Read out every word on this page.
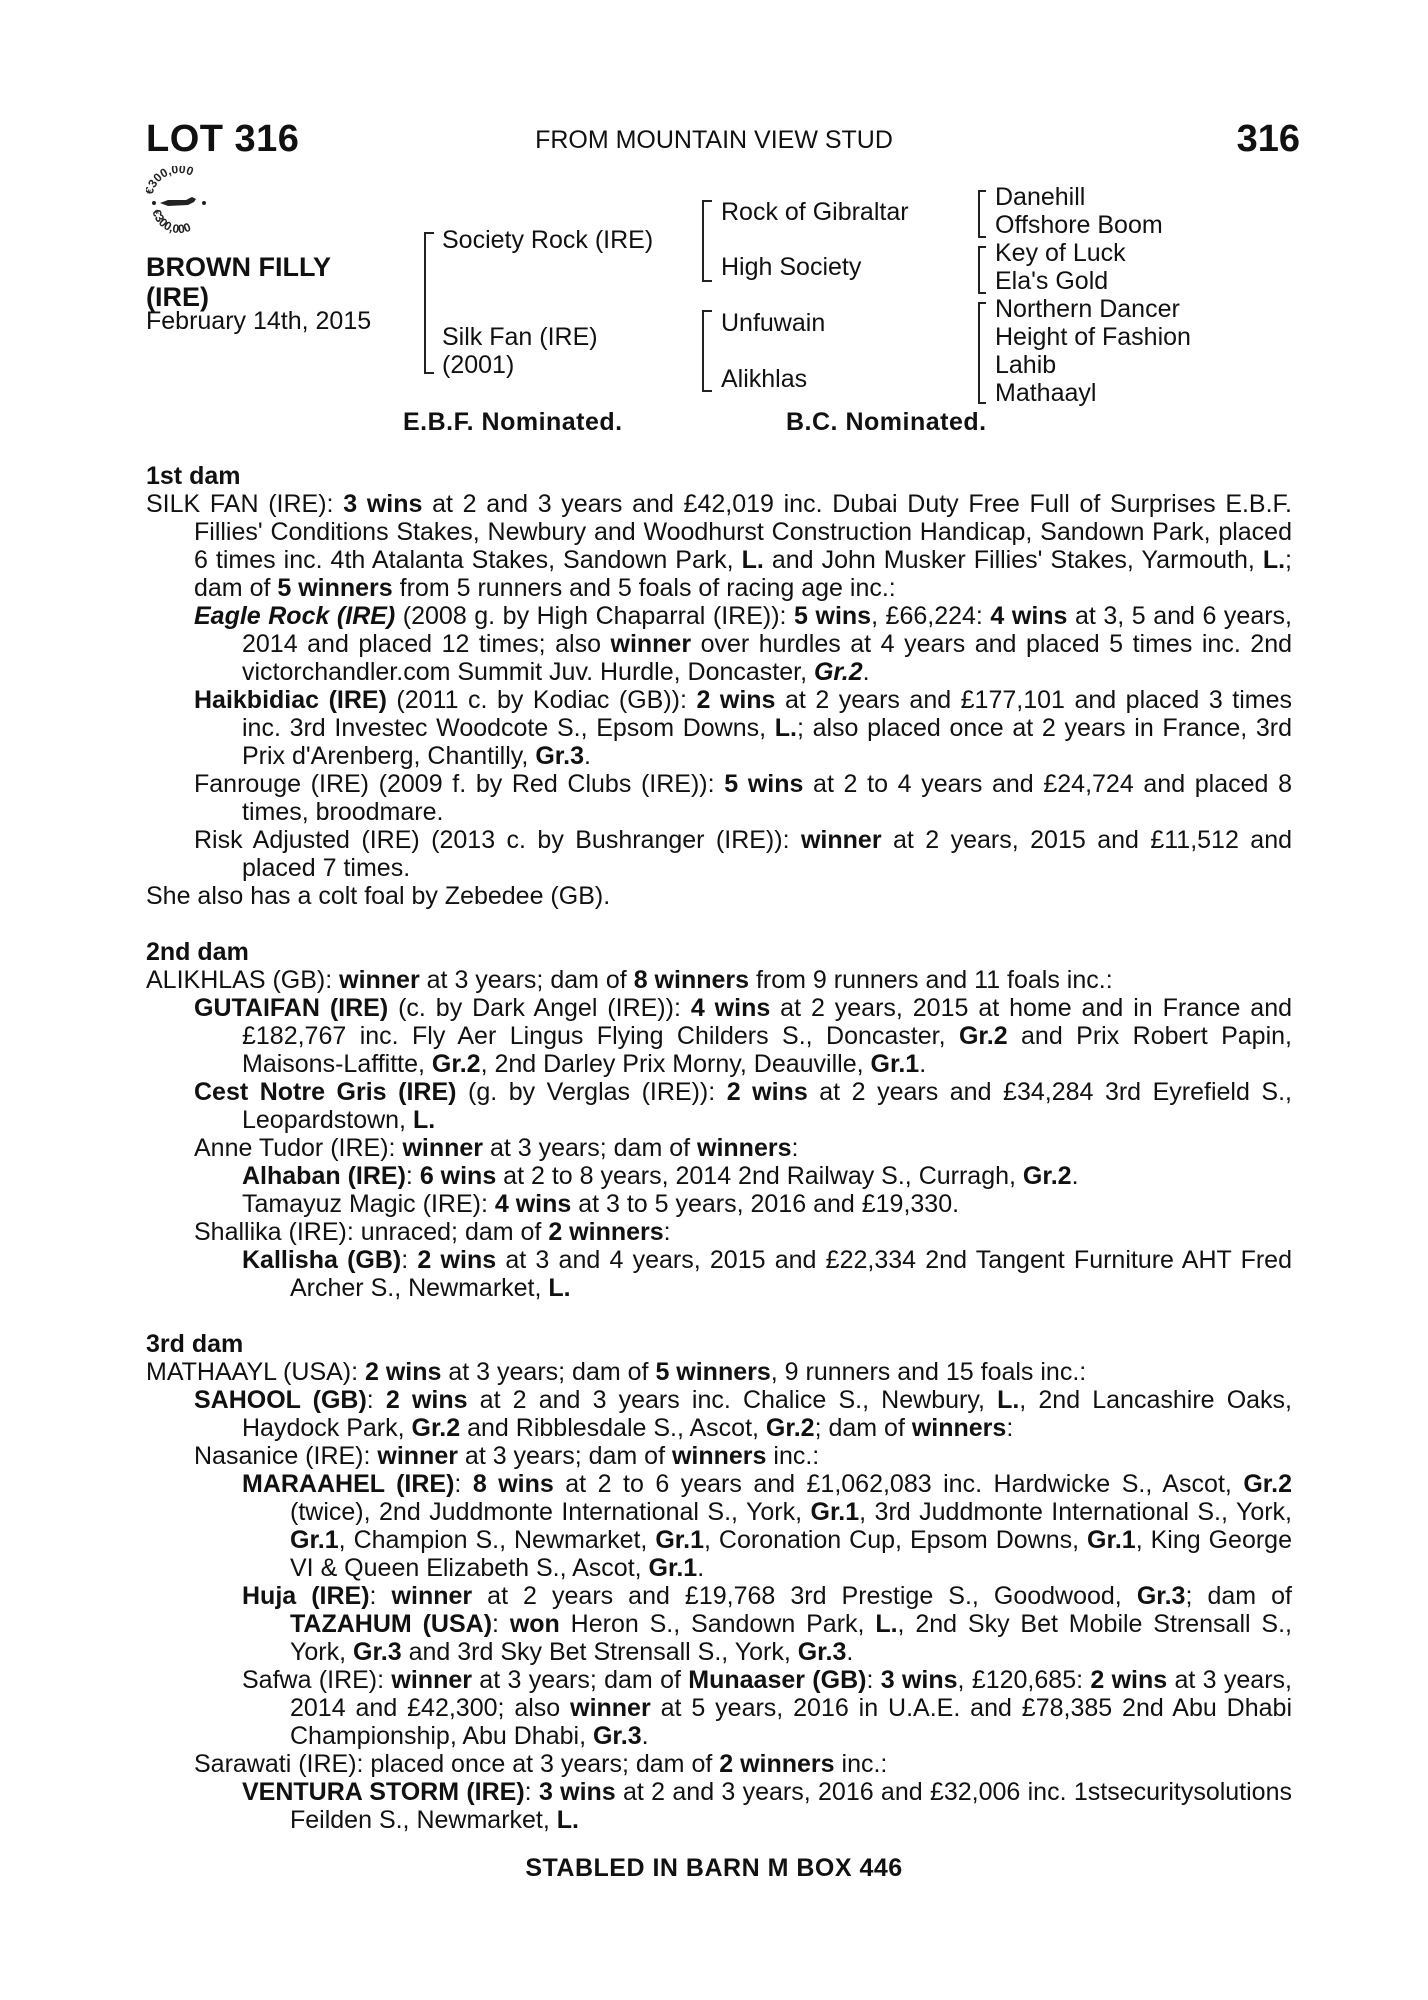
LOT 316	FROM MOUNTAIN VIEW STUD	316
300,000
€300,000
BROWN FILLY
(IRE)
February 14th, 2015
Society Rock (IRE)
Silk Fan (IRE)
(2001)
Rock of Gibraltar
High Society
Unfuwain
Alikhlas
Danehill
Offshore Boom
Key of Luck
Ela's Gold
Northern Dancer
Height of Fashion
Lahib
Mathaayl
E.B.F. Nominated.	B.C. Nominated.
1st dam
SILK FAN (IRE): 3 wins at 2 and 3 years and £42,019 inc. Dubai Duty Free Full of Surprises E.B.F. Fillies' Conditions Stakes, Newbury and Woodhurst Construction Handicap, Sandown Park, placed 6 times inc. 4th Atalanta Stakes, Sandown Park, L. and John Musker Fillies' Stakes, Yarmouth, L.; dam of 5 winners from 5 runners and 5 foals of racing age inc.:
Eagle Rock (IRE) (2008 g. by High Chaparral (IRE)): 5 wins, £66,224: 4 wins at 3, 5 and 6 years, 2014 and placed 12 times; also winner over hurdles at 4 years and placed 5 times inc. 2nd victorchandler.com Summit Juv. Hurdle, Doncaster, Gr.2.
Haikbidiac (IRE) (2011 c. by Kodiac (GB)): 2 wins at 2 years and £177,101 and placed 3 times inc. 3rd Investec Woodcote S., Epsom Downs, L.; also placed once at 2 years in France, 3rd Prix d'Arenberg, Chantilly, Gr.3.
Fanrouge (IRE) (2009 f. by Red Clubs (IRE)): 5 wins at 2 to 4 years and £24,724 and placed 8 times, broodmare.
Risk Adjusted (IRE) (2013 c. by Bushranger (IRE)): winner at 2 years, 2015 and £11,512 and placed 7 times.
She also has a colt foal by Zebedee (GB).
2nd dam
ALIKHLAS (GB): winner at 3 years; dam of 8 winners from 9 runners and 11 foals inc.:
GUTAIFAN (IRE) (c. by Dark Angel (IRE)): 4 wins at 2 years, 2015 at home and in France and £182,767 inc. Fly Aer Lingus Flying Childers S., Doncaster, Gr.2 and Prix Robert Papin, Maisons-Laffitte, Gr.2, 2nd Darley Prix Morny, Deauville, Gr.1.
Cest Notre Gris (IRE) (g. by Verglas (IRE)): 2 wins at 2 years and £34,284 3rd Eyrefield S., Leopardstown, L.
Anne Tudor (IRE): winner at 3 years; dam of winners:
Alhaban (IRE): 6 wins at 2 to 8 years, 2014 2nd Railway S., Curragh, Gr.2.
Tamayuz Magic (IRE): 4 wins at 3 to 5 years, 2016 and £19,330.
Shallika (IRE): unraced; dam of 2 winners:
Kallisha (GB): 2 wins at 3 and 4 years, 2015 and £22,334 2nd Tangent Furniture AHT Fred Archer S., Newmarket, L.
3rd dam
MATHAAYL (USA): 2 wins at 3 years; dam of 5 winners, 9 runners and 15 foals inc.:
SAHOOL (GB): 2 wins at 2 and 3 years inc. Chalice S., Newbury, L., 2nd Lancashire Oaks, Haydock Park, Gr.2 and Ribblesdale S., Ascot, Gr.2; dam of winners:
Nasanice (IRE): winner at 3 years; dam of winners inc.:
MARAAHEL (IRE): 8 wins at 2 to 6 years and £1,062,083 inc. Hardwicke S., Ascot, Gr.2 (twice), 2nd Juddmonte International S., York, Gr.1, 3rd Juddmonte International S., York, Gr.1, Champion S., Newmarket, Gr.1, Coronation Cup, Epsom Downs, Gr.1, King George VI & Queen Elizabeth S., Ascot, Gr.1.
Huja (IRE): winner at 2 years and £19,768 3rd Prestige S., Goodwood, Gr.3; dam of TAZAHUM (USA): won Heron S., Sandown Park, L., 2nd Sky Bet Mobile Strensall S., York, Gr.3 and 3rd Sky Bet Strensall S., York, Gr.3.
Safwa (IRE): winner at 3 years; dam of Munaaser (GB): 3 wins, £120,685: 2 wins at 3 years, 2014 and £42,300; also winner at 5 years, 2016 in U.A.E. and £78,385 2nd Abu Dhabi Championship, Abu Dhabi, Gr.3.
Sarawati (IRE): placed once at 3 years; dam of 2 winners inc.:
VENTURA STORM (IRE): 3 wins at 2 and 3 years, 2016 and £32,006 inc. 1stsecuritysolutions Feilden S., Newmarket, L.
STABLED IN BARN M BOX 446
